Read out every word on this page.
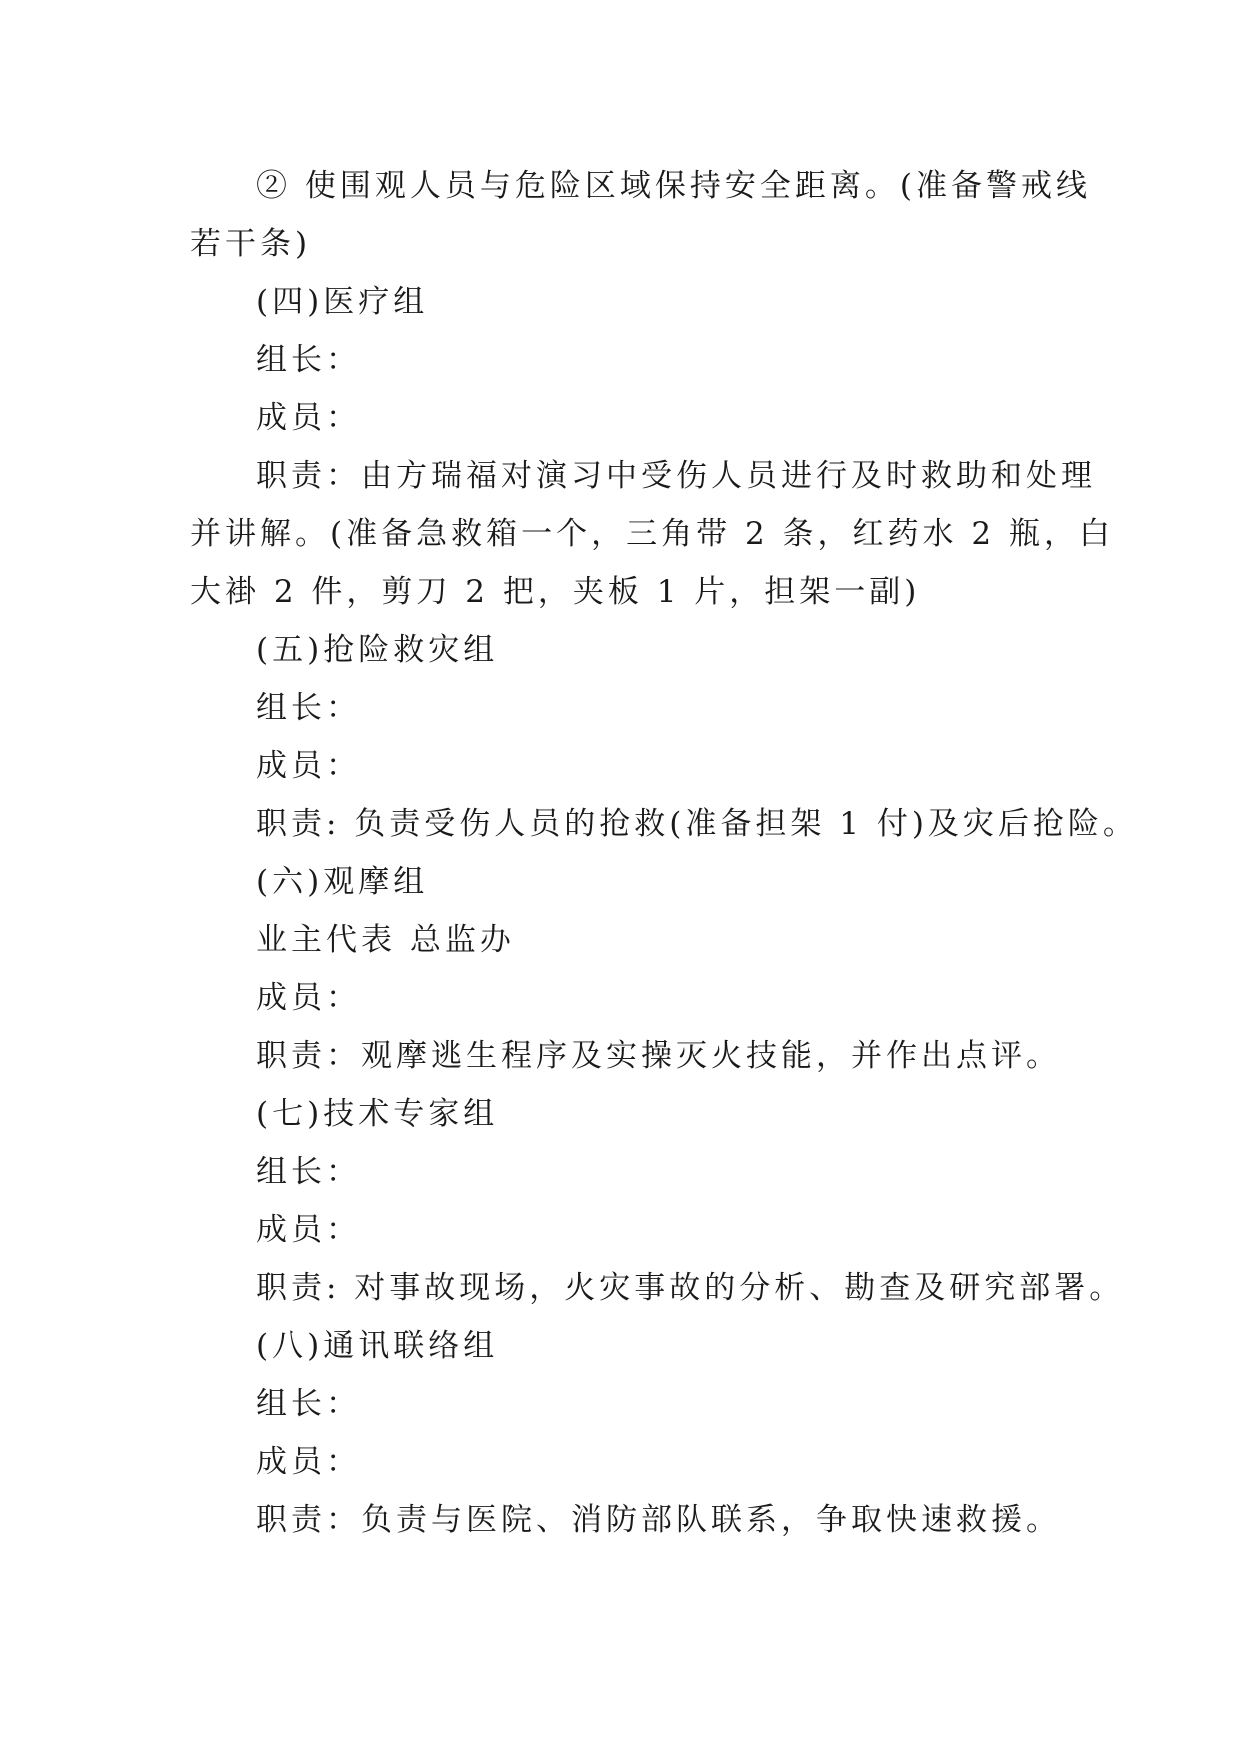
② 使围观人员与危险区域保持安全距离。(准备警戒线
若干条)
(四)医疗组
组长：
成员：
职责：由方瑞福对演习中受伤人员进行及时救助和处理
并讲解。(准备急救箱一个，三角带 2 条，红药水 2 瓶，白
大褂 2 件，剪刀 2 把，夹板 1 片，担架一副)
(五)抢险救灾组
组长：
成员：
职责: 负责受伤人员的抢救(准备担架 1 付)及灾后抢险。
(六)观摩组
业主代表 总监办
成员：
职责：观摩逃生程序及实操灭火技能，并作出点评。
(七)技术专家组
组长：
成员：
职责: 对事故现场，火灾事故的分析、勘查及研究部署。
(八)通讯联络组
组长：
成员：
职责：负责与医院、消防部队联系，争取快速救援。
